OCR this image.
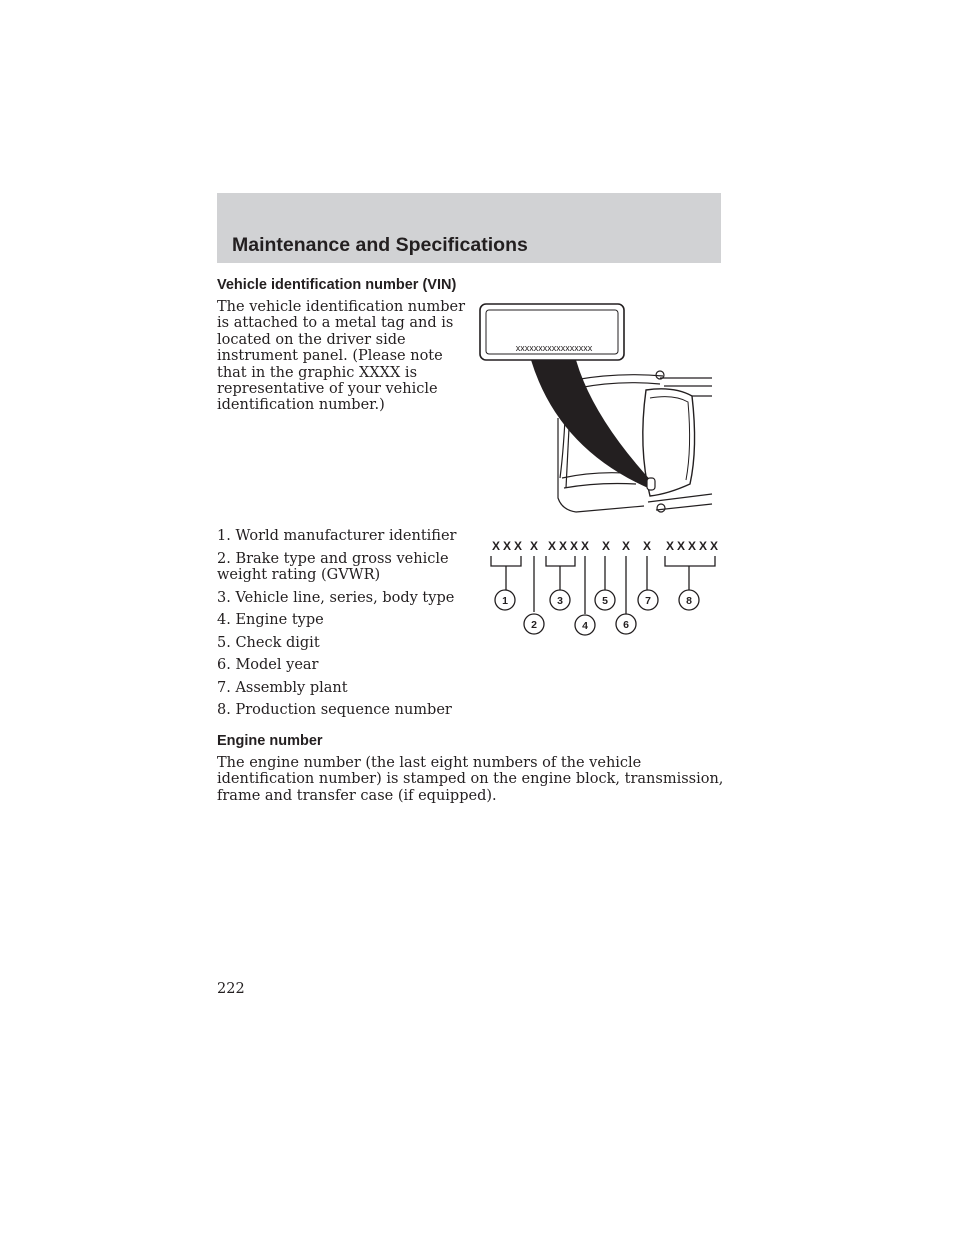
Maintenance and Specifications
Vehicle identification number (VIN)

The vehicle identification number is attached to a metal tag and is located on the driver side instrument panel. (Please note that in the graphic XXXX is representative of your vehicle identification number.)

xxxxxxxxxxxxxxxxx
1. World manufacturer identifier
2. Brake type and gross vehicle weight rating (GVWR)
3. Vehicle line, series, body type
4. Engine type
5. Check digit
6. Model year
7. Assembly plant
8. Production sequence number
XXX X XXX X X X X XXXXX
1
2
3
4
5
6
7	8
Engine number

The engine number (the last eight numbers of the vehicle identification number) is stamped on the engine block, transmission, frame and transfer case (if equipped).

222
